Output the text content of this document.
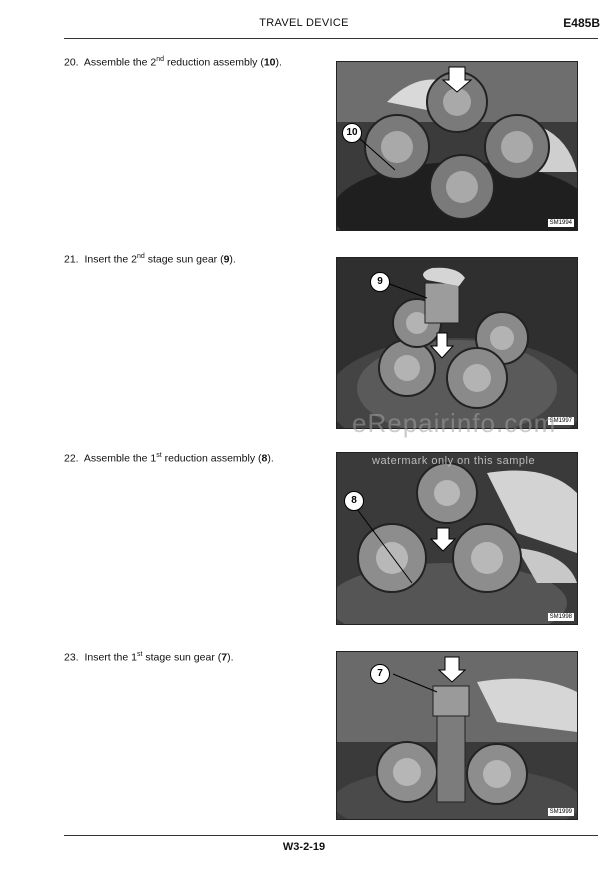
TRAVEL DEVICE	E485B
20. Assemble the 2nd reduction assembly (10).
10
SM1994
21. Insert the 2nd stage sun gear (9).
9
SM1997
22. Assemble the 1st reduction assembly (8).
8
SM1998
23. Insert the 1st stage sun gear (7).
7
SM1999
eRepairinfo.com
watermark only on this sample
W3-2-19
